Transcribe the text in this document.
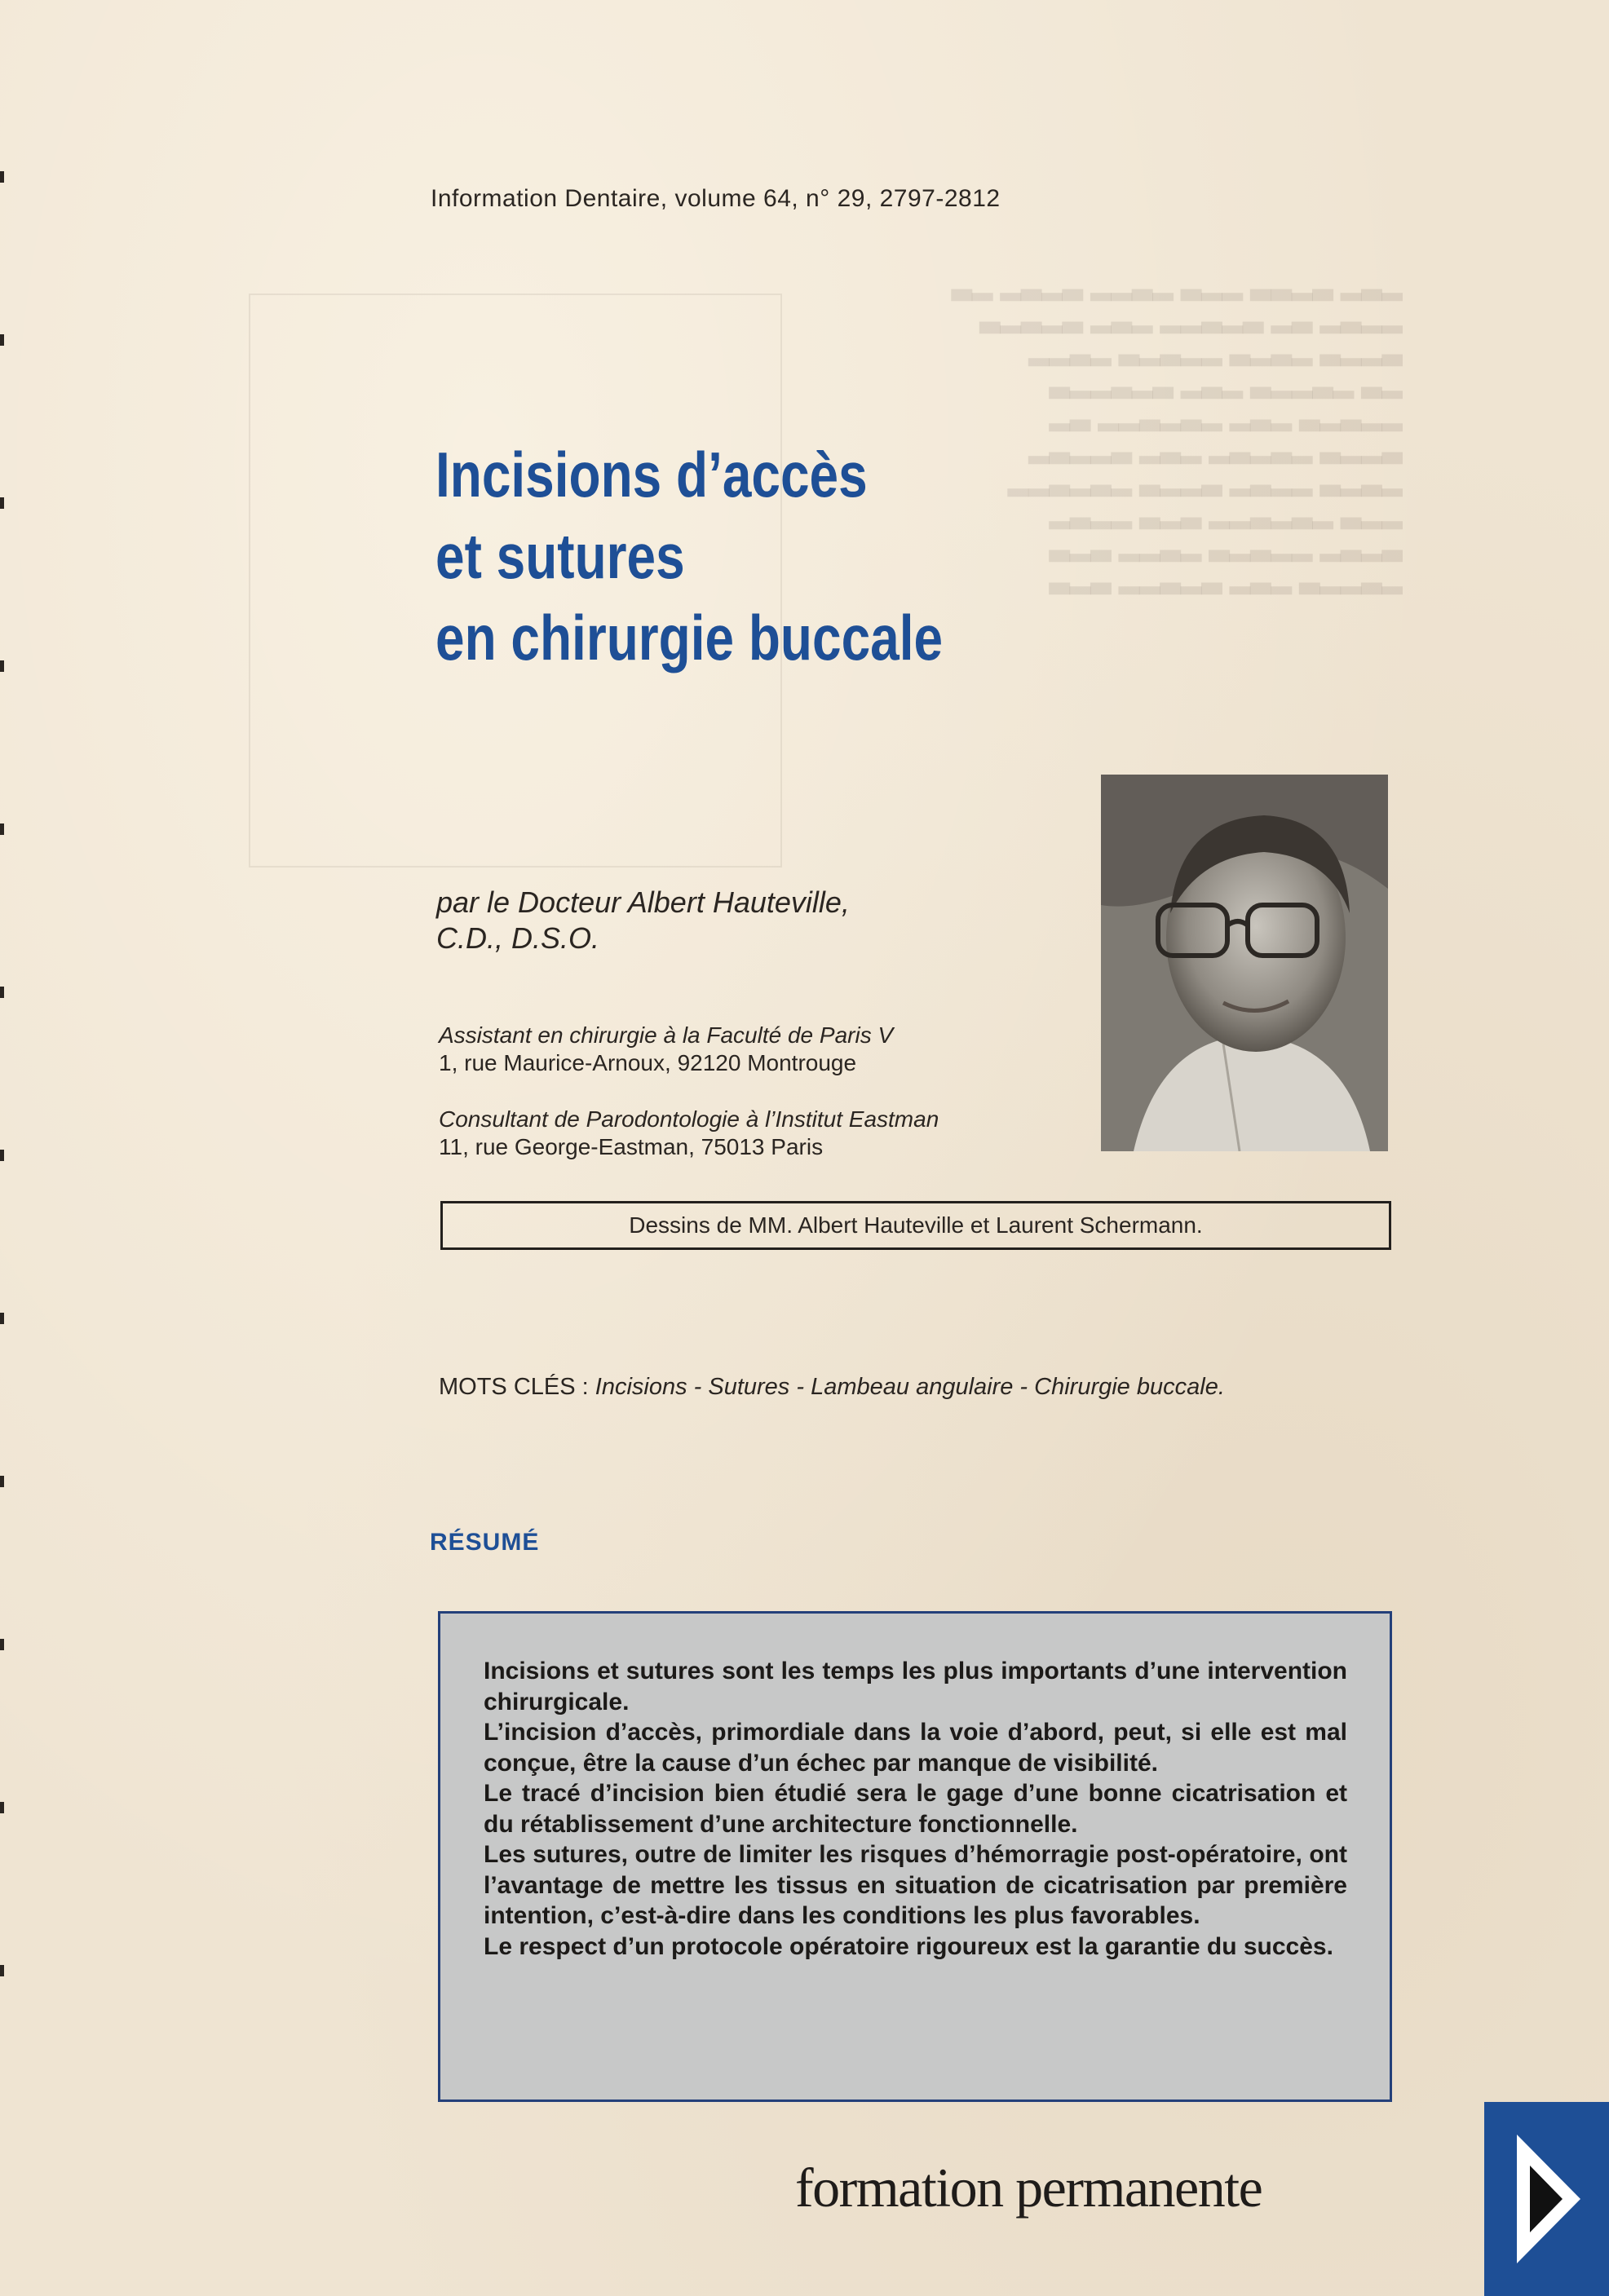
▂▃▂ ▃▂▃▃ ▂▂▃ ▂▃▂▂ ▃▂▃▂ ▂▃
▂▂▃▂ ▃▂ ▃▂▃▂▂ ▂▃▂ ▃▂▃▂▃
▃▂▂▃ ▂▃▂▃ ▂▂▃▂▃ ▂▃▂▂
▂▃ ▂▃▂▂▃ ▂▃▂ ▃▂▃▂▂▃
▂▂▃▂▃ ▂▃▂ ▂▃▂▃▂▂ ▃▂
▃▂▂▃ ▂▃▂▃▂ ▂▃▂ ▃▂▂▃▂
▂▃▂▃ ▂▂▃▂ ▃▂▂▃ ▂▃▂▃▂▂
▂▂▃ ▂▃▂▃▂▂ ▃▂▃ ▂▂▃▂
▃▂▃▂ ▂▂▃▂▃ ▂▃▂▂ ▃▂▃
▂▃▂▂▃ ▂▃▂ ▃▂▃▂▂ ▃▂▃
Information Dentaire, volume 64, n° 29, 2797-2812
Incisions d’accès
et sutures
en chirurgie buccale
par le Docteur Albert Hauteville,
C.D., D.S.O.
Assistant en chirurgie à la Faculté de Paris V
1, rue Maurice-Arnoux, 92120 Montrouge
Consultant de Parodontologie à l’Institut Eastman
11, rue George-Eastman, 75013 Paris
Dessins de MM. Albert Hauteville et Laurent Schermann.
MOTS CLÉS : Incisions - Sutures - Lambeau angulaire - Chirurgie buccale.
RÉSUMÉ

Incisions et sutures sont les temps les plus importants d’une intervention chirurgicale.

L’incision d’accès, primordiale dans la voie d’abord, peut, si elle est mal conçue, être la cause d’un échec par manque de visibilité.

Le tracé d’incision bien étudié sera le gage d’une bonne cicatrisation et du rétablissement d’une architecture fonctionnelle.

Les sutures, outre de limiter les risques d’hémorragie post-opératoire, ont l’avantage de mettre les tissus en situation de cicatrisation par première intention, c’est-à-dire dans les conditions les plus favorables.

Le respect d’un protocole opératoire rigoureux est la garantie du succès.

formation permanente
